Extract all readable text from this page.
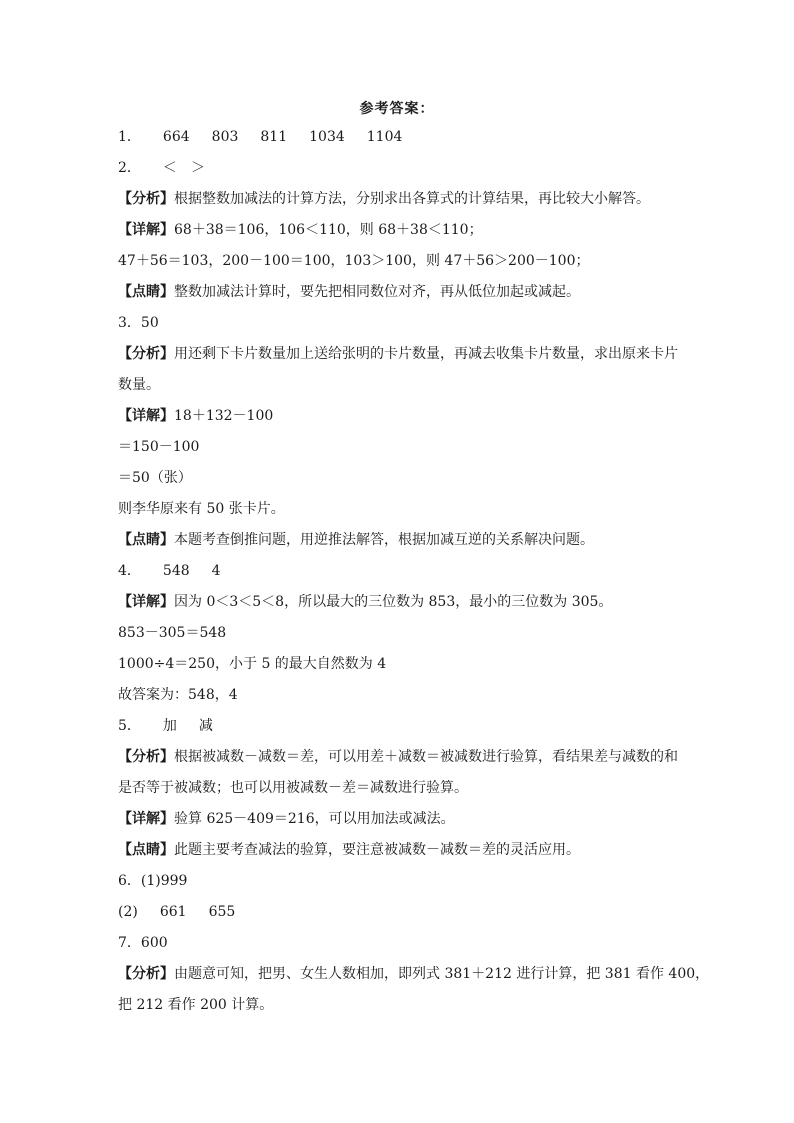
参考答案：
1． 664 803 811 1034 1104
2． ＜ ＞
【分析】根据整数加减法的计算方法，分别求出各算式的计算结果，再比较大小解答。
【详解】68＋38＝106，106＜110，则 68＋38＜110；
47＋56＝103，200－100＝100，103＞100，则 47＋56＞200－100；
【点睛】整数加减法计算时，要先把相同数位对齐，再从低位加起或减起。
3．50
【分析】用还剩下卡片数量加上送给张明的卡片数量，再减去收集卡片数量，求出原来卡片
数量。
【详解】18＋132－100
＝150－100
＝50（张）
则李华原来有 50 张卡片。
【点睛】本题考查倒推问题，用逆推法解答，根据加减互逆的关系解决问题。
4． 548 4
【详解】因为 0＜3＜5＜8，所以最大的三位数为 853，最小的三位数为 305。
853－305＝548
1000÷4＝250，小于 5 的最大自然数为 4
故答案为：548，4
5． 加 减
【分析】根据被减数－减数＝差，可以用差＋减数＝被减数进行验算，看结果差与减数的和
是否等于被减数；也可以用被减数－差＝减数进行验算。
【详解】验算 625－409＝216，可以用加法或减法。
【点睛】此题主要考查减法的验算，要注意被减数－减数＝差的灵活应用。
6．(1)999
(2) 661 655
7．600
【分析】由题意可知，把男、女生人数相加，即列式 381＋212 进行计算，把 381 看作 400，
把 212 看作 200 计算。
